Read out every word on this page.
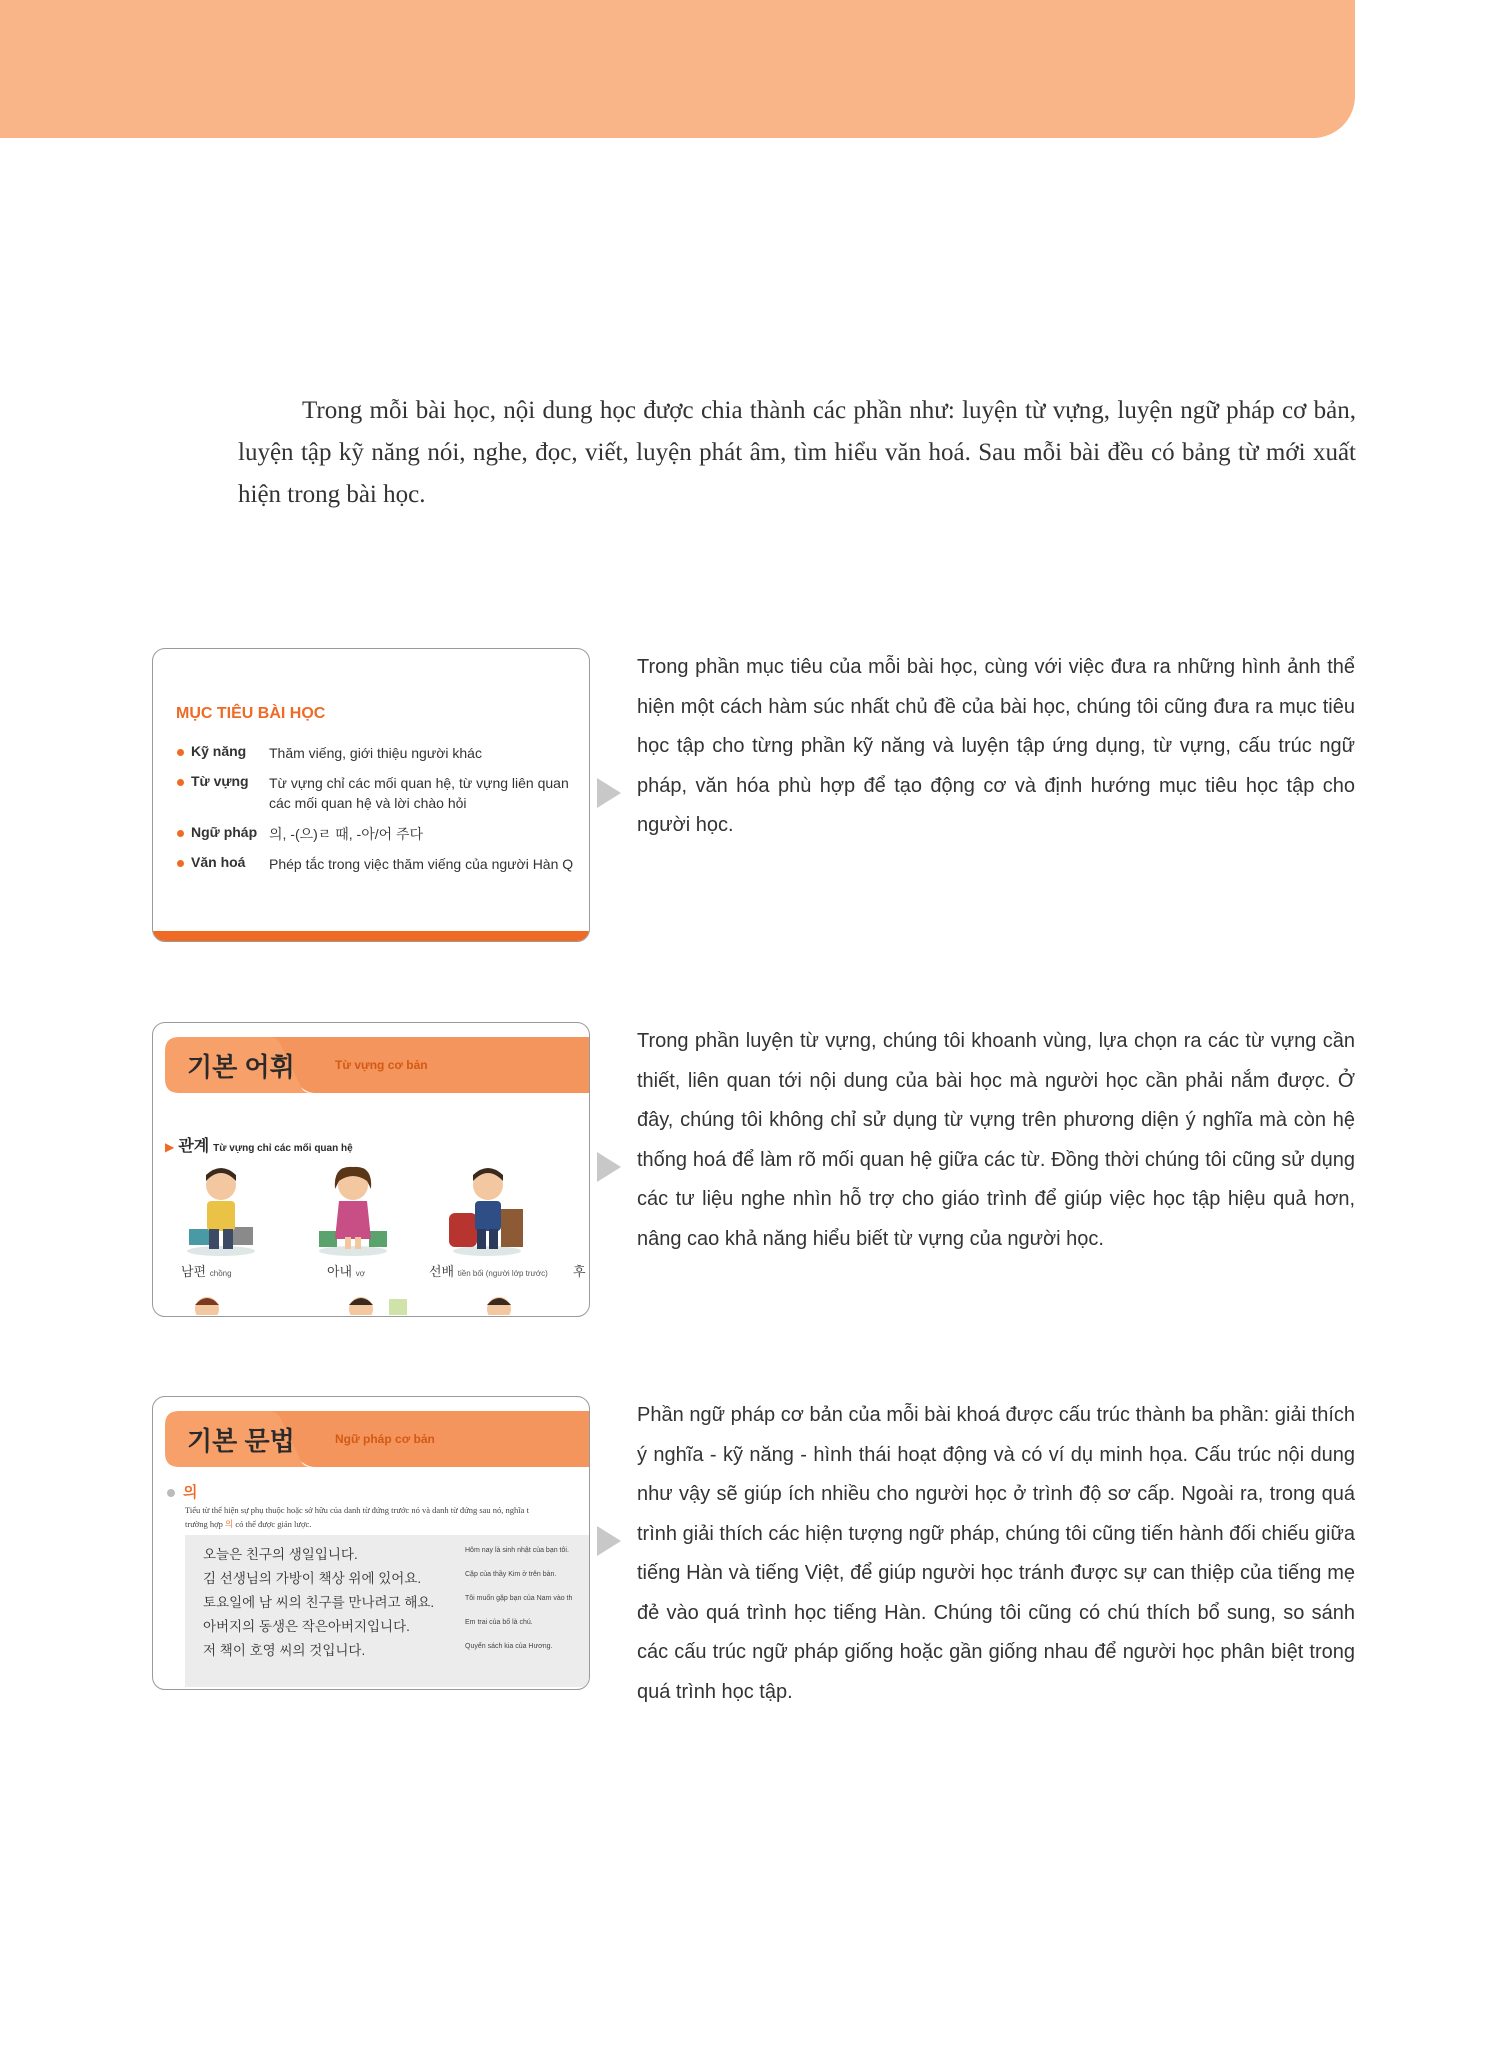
Trong mỗi bài học, nội dung học được chia thành các phần như: luyện từ vựng, luyện ngữ pháp cơ bản, luyện tập kỹ năng nói, nghe, đọc, viết, luyện phát âm, tìm hiểu văn hoá. Sau mỗi bài đều có bảng từ mới xuất hiện trong bài học.
MỤC TIÊU BÀI HỌC
Kỹ năng Thăm viếng, giới thiệu người khác
Từ vựng Từ vựng chỉ các mối quan hệ, từ vựng liên quan
các mối quan hệ và lời chào hỏi
Ngữ pháp 의, -(으)ㄹ 때, -아/어 주다
Văn hoá Phép tắc trong việc thăm viếng của người Hàn Q
Trong phần mục tiêu của mỗi bài học, cùng với việc đưa ra những hình ảnh thể hiện một cách hàm súc nhất chủ đề của bài học, chúng tôi cũng đưa ra mục tiêu học tập cho từng phần kỹ năng và luyện tập ứng dụng, từ vựng, cấu trúc ngữ pháp, văn hóa phù hợp để tạo động cơ và định hướng mục tiêu học tập cho người học.
기본 어휘	Từ vựng cơ bản
▶ 관계 Từ vựng chỉ các mối quan hệ
남편 chồng	아내 vợ	선배 tiền bối (người lớp trước) 후
Trong phần luyện từ vựng, chúng tôi khoanh vùng, lựa chọn ra các từ vựng cần thiết, liên quan tới nội dung của bài học mà người học cần phải nắm được. Ở đây, chúng tôi không chỉ sử dụng từ vựng trên phương diện ý nghĩa mà còn hệ thống hoá để làm rõ mối quan hệ giữa các từ. Đồng thời chúng tôi cũng sử dụng các tư liệu nghe nhìn hỗ trợ cho giáo trình để giúp việc học tập hiệu quả hơn, nâng cao khả năng hiểu biết từ vựng của người học.
기본 문법	Ngữ pháp cơ bản
의
Tiểu từ thể hiện sự phụ thuộc hoặc sở hữu của danh từ đứng trước nó và danh từ đứng sau nó, nghĩa t
trường hợp 의 có thể được giản lược.
오늘은 친구의 생일입니다.	Hôm nay là sinh nhật của bạn tôi.
김 선생님의 가방이 책상 위에 있어요.	Cặp của thầy Kim ở trên bàn.
토요일에 남 씨의 친구를 만나려고 해요.	Tôi muốn gặp bạn của Nam vào th
아버지의 동생은 작은아버지입니다.	Em trai của bố là chú.
저 책이 호영 씨의 것입니다.	Quyển sách kia của Hương.
Phần ngữ pháp cơ bản của mỗi bài khoá được cấu trúc thành ba phần: giải thích ý nghĩa - kỹ năng - hình thái hoạt động và có ví dụ minh họa. Cấu trúc nội dung như vậy sẽ giúp ích nhiều cho người học ở trình độ sơ cấp. Ngoài ra, trong quá trình giải thích các hiện tượng ngữ pháp, chúng tôi cũng tiến hành đối chiếu giữa tiếng Hàn và tiếng Việt, để giúp người học tránh được sự can thiệp của tiếng mẹ đẻ vào quá trình học tiếng Hàn. Chúng tôi cũng có chú thích bổ sung, so sánh các cấu trúc ngữ pháp giống hoặc gần giống nhau để người học phân biệt trong quá trình học tập.
